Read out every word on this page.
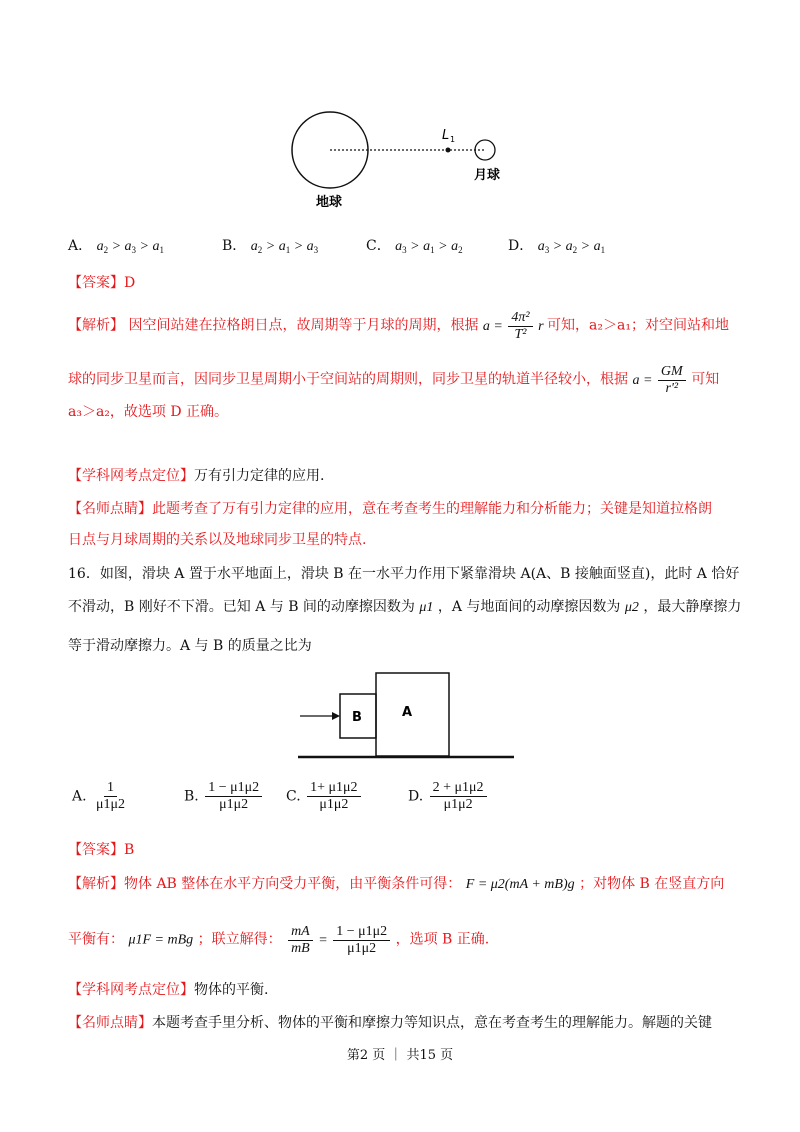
L 1
地球
月球
A． $a_2 > a_3 > a_1$	B． $a_2 > a_1 > a_3$	C． $a_3 > a_1 > a_2$	D． $a_3 > a_2 > a_1$
【答案】D
【解析】 因空间站建在拉格朗日点，故周期等于月球的周期，根据 $a = \frac{\text{4π²}}{\text{T²}}$ r 可知，a₂＞a₁；对空间站和地
球的同步卫星而言，因同步卫星周期小于空间站的周期则，同步卫星的轨道半径较小，根据 $a = \frac{GM}{\text{r'²}}$ 可知
a₃＞a₂，故选项 D 正确。
【学科网考点定位】万有引力定律的应用.
【名师点睛】此题考查了万有引力定律的应用，意在考查考生的理解能力和分析能力；关键是知道拉格朗
日点与月球周期的关系以及地球同步卫星的特点.
16．如图，滑块 A 置于水平地面上，滑块 B 在一水平力作用下紧靠滑块 A(A、B 接触面竖直)，此时 A 恰好
不滑动，B 刚好不下滑。已知 A 与 B 间的动摩擦因数为 μ1 ，A 与地面间的动摩擦因数为 μ2 ，最大静摩擦力
等于滑动摩擦力。A 与 B 的质量之比为
B	A
A. $\frac{1}{\mu 1\mu 2}$	B. $\frac{1 - \mu 1\mu 2}{\mu 1\mu 2} C$. $\frac{1+ \mu 1\mu 2}{\mu 1\mu 2}$	D. $\frac{2 + \mu 1\mu 2}{\mu 1\mu 2}$
【答案】B
【解析】物体 AB 整体在水平方向受力平衡，由平衡条件可得： F = μ2(mA + mB)g ；对物体 B 在竖直方向
平衡有： μ1F = mBg ；联立解得： $\frac{mA}{mB} = \frac{1 - \mu 1\mu 2}{\mu 1\mu 2}$ ，选项 B 正确.
【学科网考点定位】物体的平衡.
【名师点睛】本题考查手里分析、物体的平衡和摩擦力等知识点，意在考查考生的理解能力。解题的关键
第2 页 ｜ 共15 页
